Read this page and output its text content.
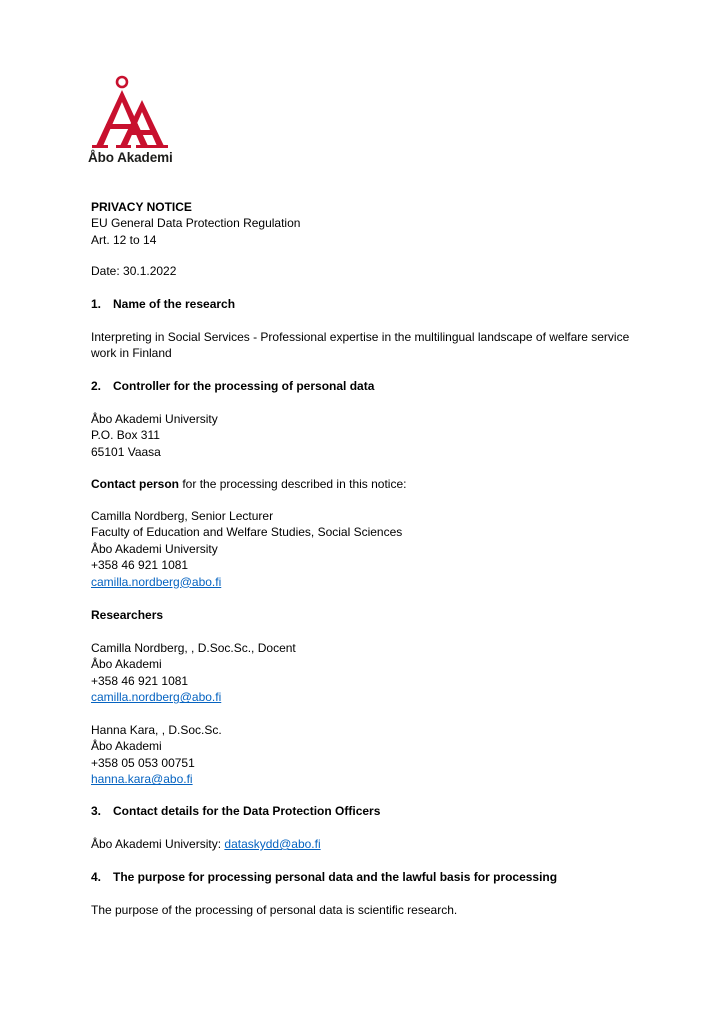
Åbo Akademi
PRIVACY NOTICE
EU General Data Protection Regulation
Art. 12 to 14
Date: 30.1.2022
1. Name of the research
Interpreting in Social Services - Professional expertise in the multilingual landscape of welfare service
work in Finland
2. Controller for the processing of personal data
Åbo Akademi University
P.O. Box 311
65101 Vaasa
Contact person for the processing described in this notice:
Camilla Nordberg, Senior Lecturer
Faculty of Education and Welfare Studies, Social Sciences
Åbo Akademi University
+358 46 921 1081
camilla.nordberg@abo.fi
Researchers
Camilla Nordberg, , D.Soc.Sc., Docent
Åbo Akademi
+358 46 921 1081
camilla.nordberg@abo.fi
Hanna Kara, , D.Soc.Sc.
Åbo Akademi
+358 05 053 00751
hanna.kara@abo.fi
3. Contact details for the Data Protection Officers
Åbo Akademi University: dataskydd@abo.fi
4. The purpose for processing personal data and the lawful basis for processing
The purpose of the processing of personal data is scientific research.
